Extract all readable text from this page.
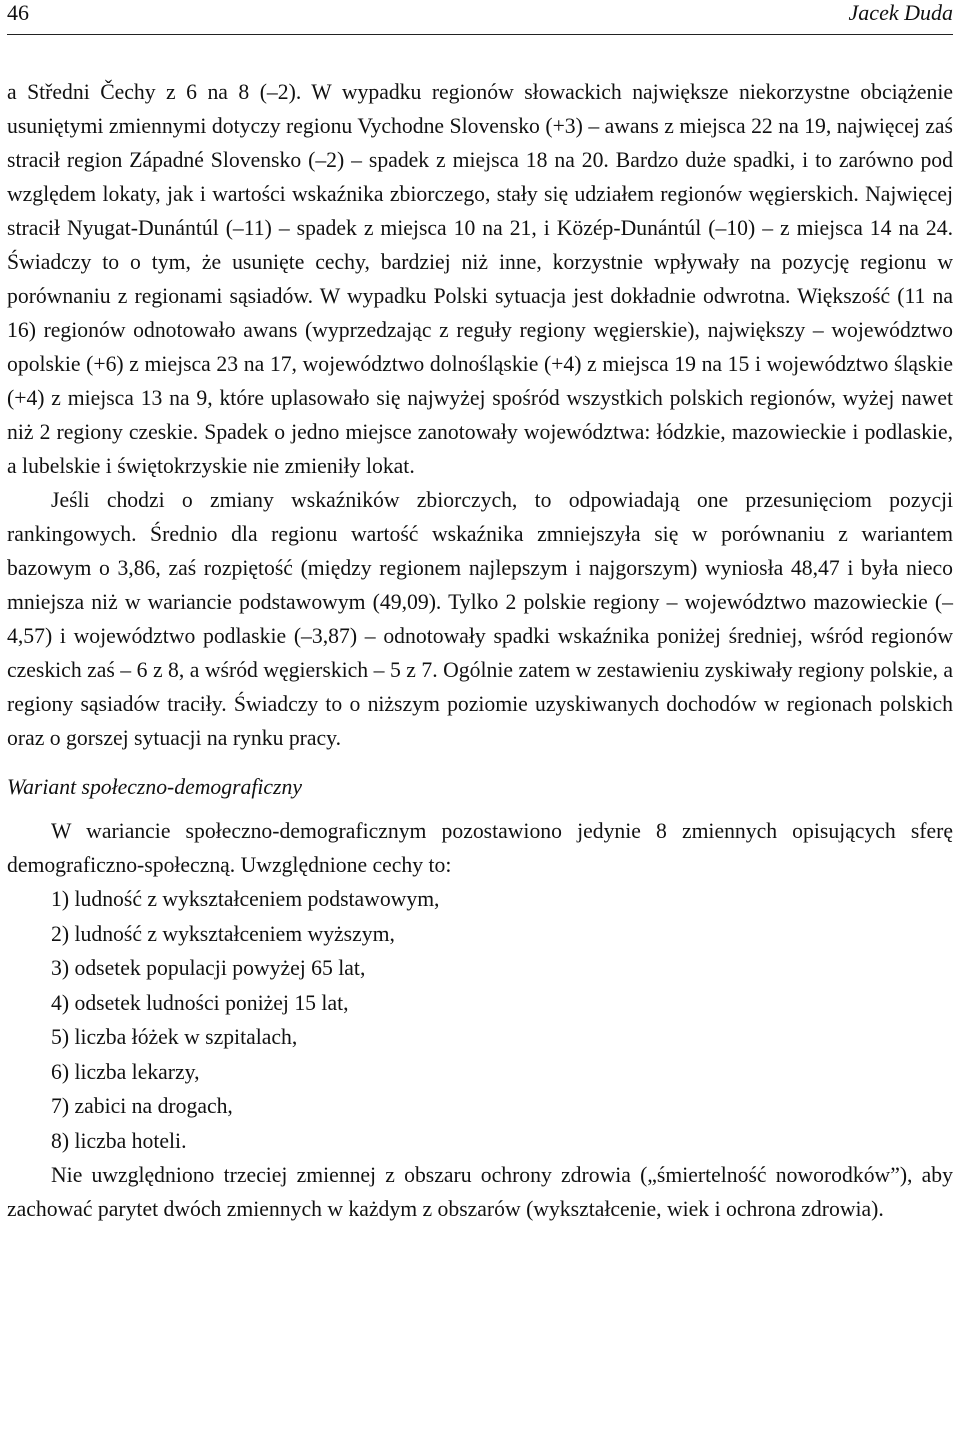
46	Jacek Duda

a Středni Čechy z 6 na 8 (–2). W wypadku regionów słowackich największe niekorzystne obciążenie usuniętymi zmiennymi dotyczy regionu Vychodne Slovensko (+3) – awans z miejsca 22 na 19, najwięcej zaś stracił region Západné Slovensko (–2) – spadek z miejsca 18 na 20. Bardzo duże spadki, i to zarówno pod względem lokaty, jak i wartości wskaźnika zbiorczego, stały się udziałem regionów węgierskich. Najwięcej stracił Nyugat-Dunántúl (–11) – spadek z miejsca 10 na 21, i Közép-Dunántúl (–10) – z miejsca 14 na 24. Świadczy to o tym, że usunięte cechy, bardziej niż inne, korzystnie wpływały na pozycję regionu w porównaniu z regionami sąsiadów. W wypadku Polski sytuacja jest dokładnie odwrotna. Większość (11 na 16) regionów odnotowało awans (wyprzedzając z reguły regiony węgierskie), największy – województwo opolskie (+6) z miejsca 23 na 17, województwo dolnośląskie (+4) z miejsca 19 na 15 i województwo śląskie (+4) z miejsca 13 na 9, które uplasowało się najwyżej spośród wszystkich polskich regionów, wyżej nawet niż 2 regiony czeskie. Spadek o jedno miejsce zanotowały województwa: łódzkie, mazowieckie i podlaskie, a lubelskie i świętokrzyskie nie zmieniły lokat.

Jeśli chodzi o zmiany wskaźników zbiorczych, to odpowiadają one przesunięciom pozycji rankingowych. Średnio dla regionu wartość wskaźnika zmniejszyła się w porównaniu z wariantem bazowym o 3,86, zaś rozpiętość (między regionem najlepszym i najgorszym) wyniosła 48,47 i była nieco mniejsza niż w wariancie podstawowym (49,09). Tylko 2 polskie regiony – województwo mazowieckie (–4,57) i województwo podlaskie (–3,87) – odnotowały spadki wskaźnika poniżej średniej, wśród regionów czeskich zaś – 6 z 8, a wśród węgierskich – 5 z 7. Ogólnie zatem w zestawieniu zyskiwały regiony polskie, a regiony sąsiadów traciły. Świadczy to o niższym poziomie uzyskiwanych dochodów w regionach polskich oraz o gorszej sytuacji na rynku pracy.

Wariant społeczno-demograficzny

W wariancie społeczno-demograficznym pozostawiono jedynie 8 zmiennych opisujących sferę demograficzno-społeczną. Uwzględnione cechy to:

1) ludność z wykształceniem podstawowym,
2) ludność z wykształceniem wyższym,
3) odsetek populacji powyżej 65 lat,
4) odsetek ludności poniżej 15 lat,
5) liczba łóżek w szpitalach,
6) liczba lekarzy,
7) zabici na drogach,
8) liczba hoteli.

Nie uwzględniono trzeciej zmiennej z obszaru ochrony zdrowia („śmiertelność noworodków”), aby zachować parytet dwóch zmiennych w każdym z obszarów (wykształcenie, wiek i ochrona zdrowia).
